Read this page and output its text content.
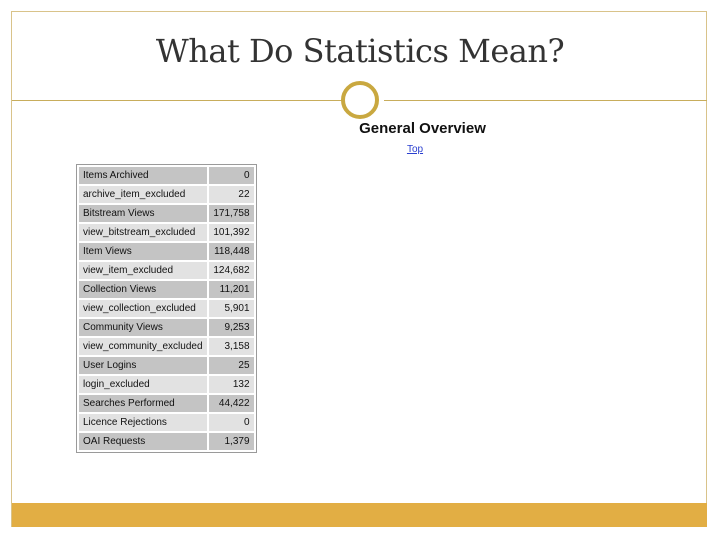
What Do Statistics Mean?
General Overview
Top
Items Archived	0
archive_item_excluded	22
Bitstream Views	171,758
view_bitstream_excluded	101,392
Item Views	118,448
view_item_excluded	124,682
Collection Views	11,201
view_collection_excluded	5,901
Community Views	9,253
view_community_excluded	3,158
User Logins	25
login_excluded	132
Searches Performed	44,422
Licence Rejections	0
OAI Requests	1,379
